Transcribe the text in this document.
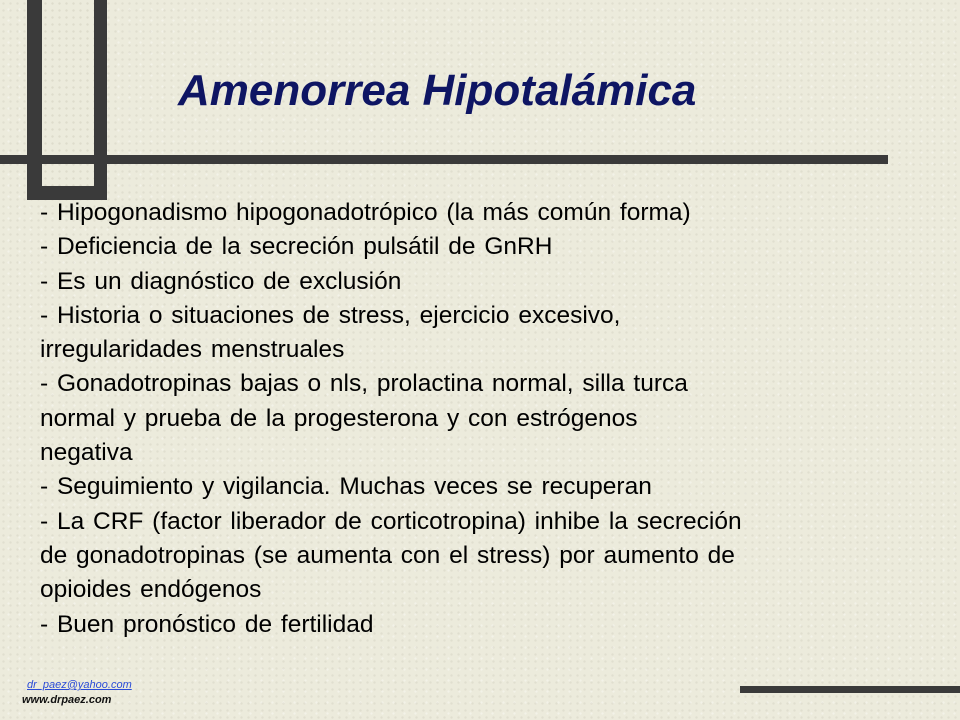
Amenorrea Hipotalámica
- Hipogonadismo hipogonadotrópico (la más común forma)
- Deficiencia de la secreción pulsátil de GnRH
- Es un diagnóstico de exclusión
- Historia o situaciones de stress, ejercicio excesivo,
irregularidades menstruales
- Gonadotropinas bajas o nls, prolactina normal, silla turca
normal y prueba de la progesterona y con estrógenos
negativa
- Seguimiento y vigilancia. Muchas veces se recuperan
- La CRF (factor liberador de corticotropina) inhibe la secreción
de gonadotropinas (se aumenta con el stress) por aumento de
opioides endógenos
- Buen pronóstico de fertilidad
dr_paez@yahoo.com
www.drpaez.com
